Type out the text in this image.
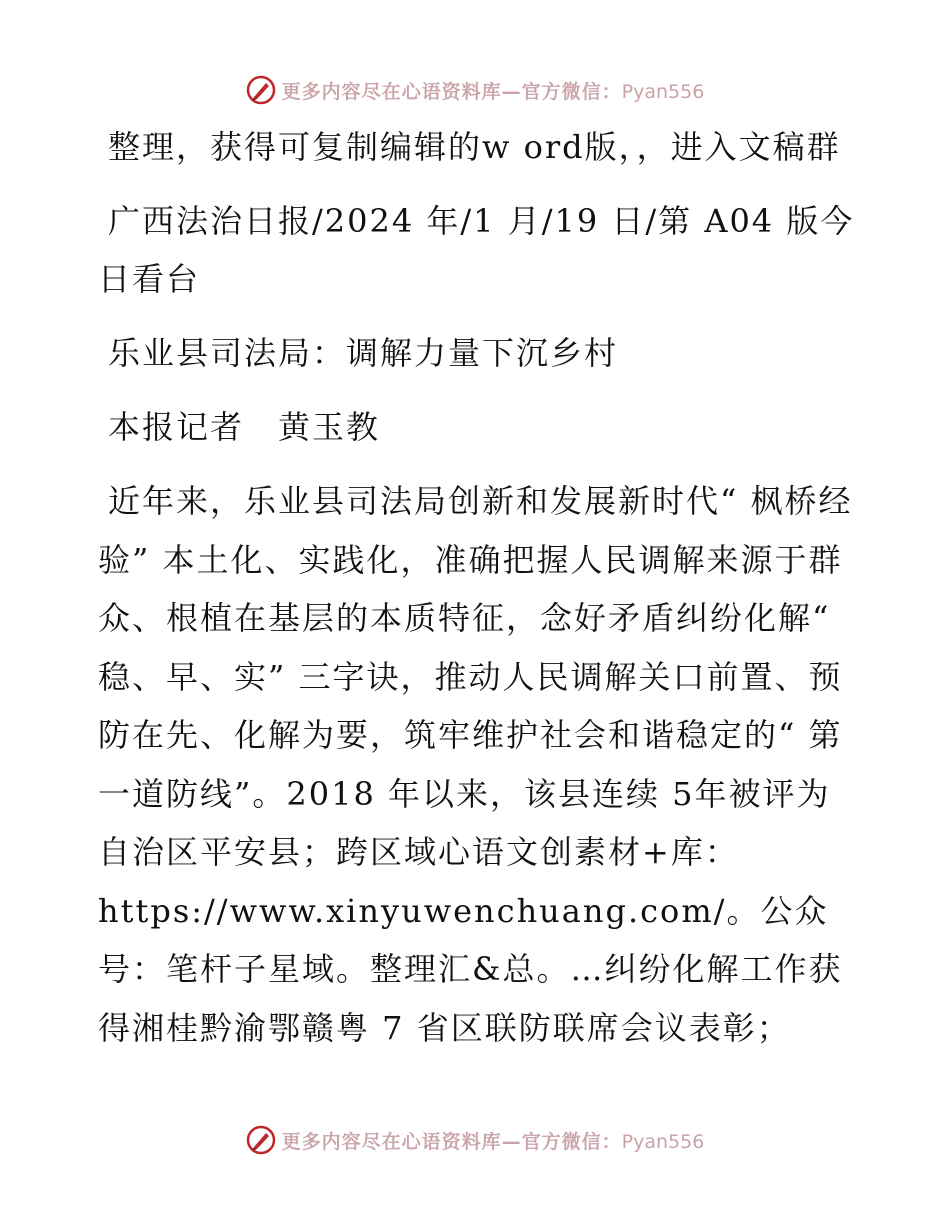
更多内容尽在心语资料库—官方微信：Pyan556

整理，获得可复制编辑的w ord版，，进入文稿群

广西法治日报/2024 年/1 月/19 日/第 A04 版今日看台

乐业县司法局：调解力量下沉乡村

本报记者　黄玉教

近年来，乐业县司法局创新和发展新时代“ 枫桥经验” 本土化、实践化，准确把握人民调解来源于群众、根植在基层的本质特征，念好矛盾纠纷化解“ 稳、早、实” 三字诀，推动人民调解关口前置、预防在先、化解为要，筑牢维护社会和谐稳定的“ 第一道防线”。2018 年以来，该县连续 5年被评为自治区平安县；跨区域心语文创素材+库：https://www.xinyuwenchuang.com/。公众号：笔杆子星域。整理汇&总。…纠纷化解工作获得湘桂黔渝鄂赣粤 7 省区联防联席会议表彰；

更多内容尽在心语资料库—官方微信：Pyan556
